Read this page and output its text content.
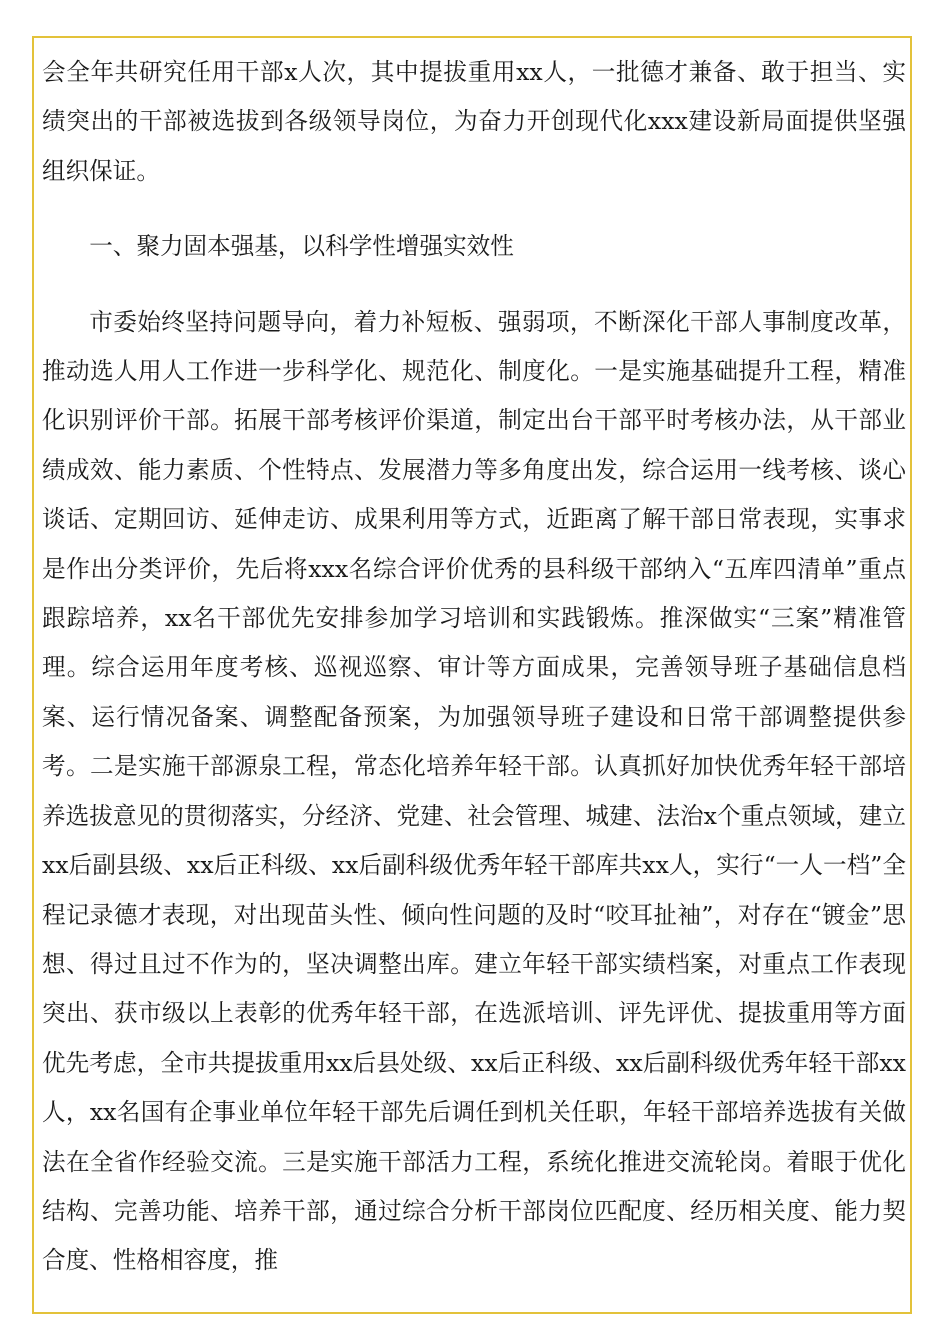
会全年共研究任用干部x人次，其中提拔重用xx人，一批德才兼备、敢于担当、实绩突出的干部被选拔到各级领导岗位，为奋力开创现代化xxx建设新局面提供坚强组织保证。

一、聚力固本强基，以科学性增强实效性

市委始终坚持问题导向，着力补短板、强弱项，不断深化干部人事制度改革，推动选人用人工作进一步科学化、规范化、制度化。一是实施基础提升工程，精准化识别评价干部。拓展干部考核评价渠道，制定出台干部平时考核办法，从干部业绩成效、能力素质、个性特点、发展潜力等多角度出发，综合运用一线考核、谈心谈话、定期回访、延伸走访、成果利用等方式，近距离了解干部日常表现，实事求是作出分类评价，先后将xxx名综合评价优秀的县科级干部纳入“五库四清单”重点跟踪培养，xx名干部优先安排参加学习培训和实践锻炼。推深做实“三案”精准管理。综合运用年度考核、巡视巡察、审计等方面成果，完善领导班子基础信息档案、运行情况备案、调整配备预案，为加强领导班子建设和日常干部调整提供参考。二是实施干部源泉工程，常态化培养年轻干部。认真抓好加快优秀年轻干部培养选拔意见的贯彻落实，分经济、党建、社会管理、城建、法治x个重点领域，建立xx后副县级、xx后正科级、xx后副科级优秀年轻干部库共xx人，实行“一人一档”全程记录德才表现，对出现苗头性、倾向性问题的及时“咬耳扯袖”，对存在“镀金”思想、得过且过不作为的，坚决调整出库。建立年轻干部实绩档案，对重点工作表现突出、获市级以上表彰的优秀年轻干部，在选派培训、评先评优、提拔重用等方面优先考虑，全市共提拔重用xx后县处级、xx后正科级、xx后副科级优秀年轻干部xx人，xx名国有企事业单位年轻干部先后调任到机关任职，年轻干部培养选拔有关做法在全省作经验交流。三是实施干部活力工程，系统化推进交流轮岗。着眼于优化结构、完善功能、培养干部，通过综合分析干部岗位匹配度、经历相关度、能力契合度、性格相容度，推
